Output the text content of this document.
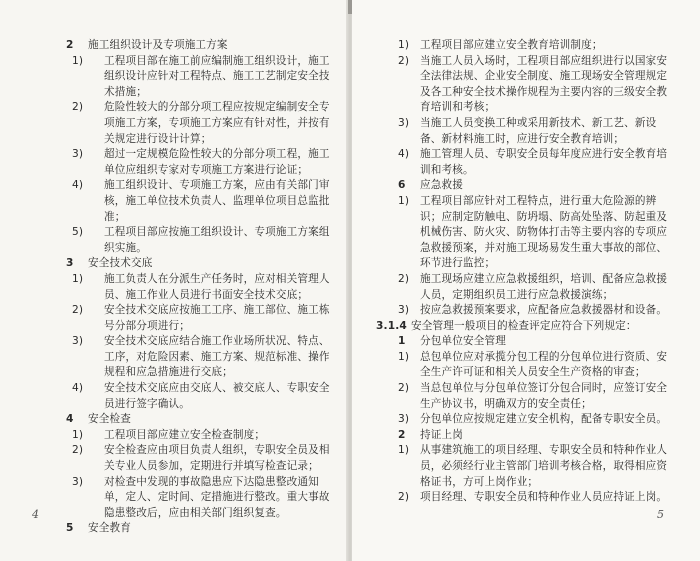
2 施工组织设计及专项施工方案
1) 工程项目部在施工前应编制施工组织设计，施工组织设计应针对工程特点、施工工艺制定安全技术措施；
2) 危险性较大的分部分项工程应按规定编制安全专项施工方案，专项施工方案应有针对性，并按有关规定进行设计计算；
3) 超过一定规模危险性较大的分部分项工程，施工单位应组织专家对专项施工方案进行论证；
4) 施工组织设计、专项施工方案，应由有关部门审核，施工单位技术负责人、监理单位项目总监批准；
5) 工程项目部应按施工组织设计、专项施工方案组织实施。
3 安全技术交底
1) 施工负责人在分派生产任务时，应对相关管理人员、施工作业人员进行书面安全技术交底；
2) 安全技术交底应按施工工序、施工部位、施工栋号分部分项进行；
3) 安全技术交底应结合施工作业场所状况、特点、工序，对危险因素、施工方案、规范标准、操作规程和应急措施进行交底；
4) 安全技术交底应由交底人、被交底人、专职安全员进行签字确认。
4 安全检查
1) 工程项目部应建立安全检查制度；
2) 安全检查应由项目负责人组织，专职安全员及相关专业人员参加，定期进行并填写检查记录；
3) 对检查中发现的事故隐患应下达隐患整改通知单，定人、定时间、定措施进行整改。重大事故隐患整改后，应由相关部门组织复查。
5 安全教育
4
1) 工程项目部应建立安全教育培训制度；
2) 当施工人员入场时，工程项目部应组织进行以国家安全法律法规、企业安全制度、施工现场安全管理规定及各工种安全技术操作规程为主要内容的三级安全教育培训和考核；
3) 当施工人员变换工种或采用新技术、新工艺、新设备、新材料施工时，应进行安全教育培训；
4) 施工管理人员、专职安全员每年度应进行安全教育培训和考核。
6 应急救援
1) 工程项目部应针对工程特点，进行重大危险源的辨识；应制定防触电、防坍塌、防高处坠落、防起重及机械伤害、防火灾、防物体打击等主要内容的专项应急救援预案，并对施工现场易发生重大事故的部位、环节进行监控；
2) 施工现场应建立应急救援组织，培训、配备应急救援人员，定期组织员工进行应急救援演练；
3) 按应急救援预案要求，应配备应急救援器材和设备。
3.1.4 安全管理一般项目的检查评定应符合下列规定：
1 分包单位安全管理
1) 总包单位应对承揽分包工程的分包单位进行资质、安全生产许可证和相关人员安全生产资格的审查；
2) 当总包单位与分包单位签订分包合同时，应签订安全生产协议书，明确双方的安全责任；
3) 分包单位应按规定建立安全机构，配备专职安全员。
2 持证上岗
1) 从事建筑施工的项目经理、专职安全员和特种作业人员，必须经行业主管部门培训考核合格，取得相应资格证书，方可上岗作业；
2) 项目经理、专职安全员和特种作业人员应持证上岗。
5
